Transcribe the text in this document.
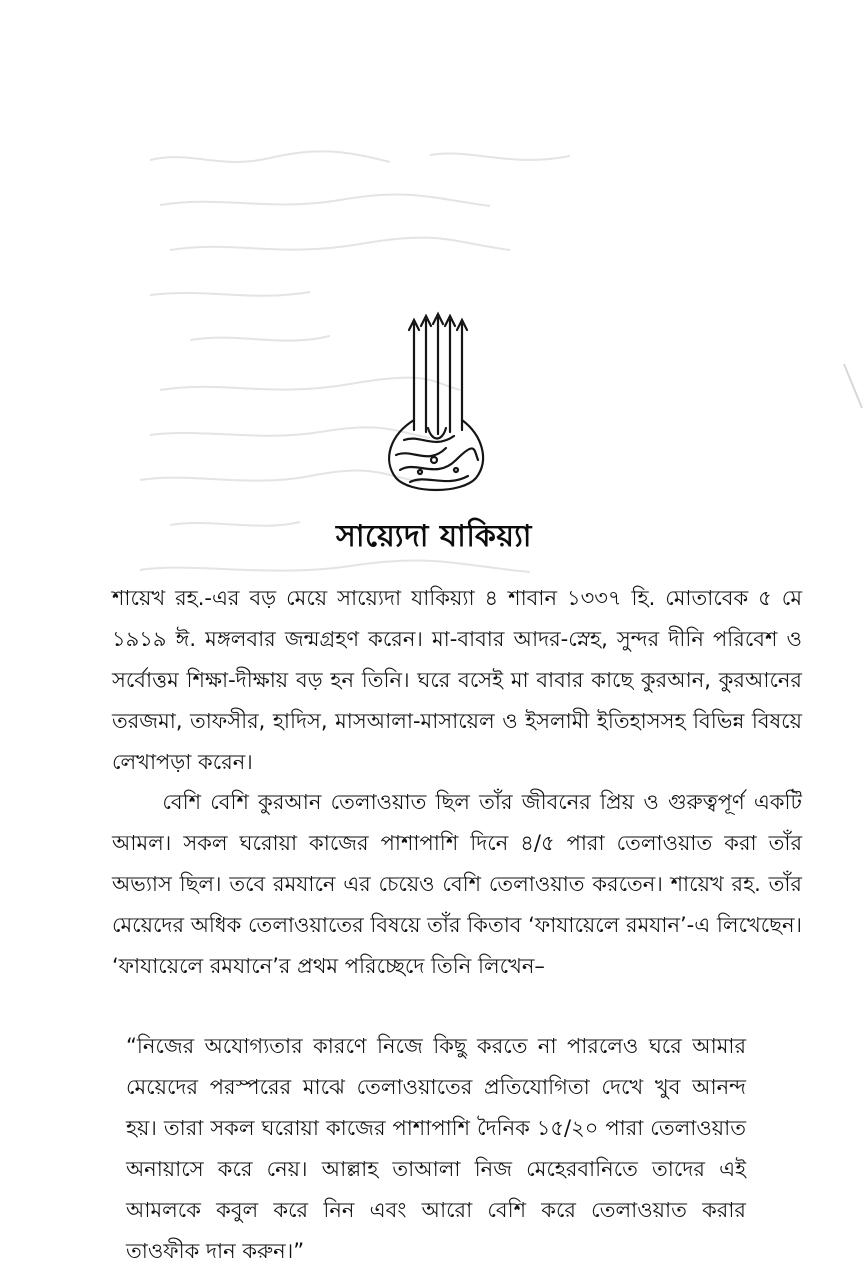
সায়্যেদা যাকিয়্যা
শায়েখ রহ.-এর বড় মেয়ে সায়্যেদা যাকিয়্যা ৪ শাবান ১৩৩৭ হি. মোতাবেক ৫ মে ১৯১৯ ঈ. মঙ্গলবার জন্মগ্রহণ করেন। মা-বাবার আদর-স্নেহ, সুন্দর দীনি পরিবেশ ও সর্বোত্তম শিক্ষা-দীক্ষায় বড় হন তিনি। ঘরে বসেই মা বাবার কাছে কুরআন, কুরআনের তরজমা, তাফসীর, হাদিস, মাসআলা-মাসায়েল ও ইসলামী ইতিহাসসহ বিভিন্ন বিষয়ে লেখাপড়া করেন।
বেশি বেশি কুরআন তেলাওয়াত ছিল তাঁর জীবনের প্রিয় ও গুরুত্বপূর্ণ একটি আমল। সকল ঘরোয়া কাজের পাশাপাশি দিনে ৪/৫ পারা তেলাওয়াত করা তাঁর অভ্যাস ছিল। তবে রমযানে এর চেয়েও বেশি তেলাওয়াত করতেন। শায়েখ রহ. তাঁর মেয়েদের অধিক তেলাওয়াতের বিষয়ে তাঁর কিতাব ‘ফাযায়েলে রমযান’-এ লিখেছেন। ‘ফাযায়েলে রমযানে’র প্রথম পরিচ্ছেদে তিনি লিখেন–
“নিজের অযোগ্যতার কারণে নিজে কিছু করতে না পারলেও ঘরে আমার মেয়েদের পরস্পরের মাঝে তেলাওয়াতের প্রতিযোগিতা দেখে খুব আনন্দ হয়। তারা সকল ঘরোয়া কাজের পাশাপাশি দৈনিক ১৫/২০ পারা তেলাওয়াত অনায়াসে করে নেয়। আল্লাহ তাআলা নিজ মেহেরবানিতে তাদের এই আমলকে কবুল করে নিন এবং আরো বেশি করে তেলাওয়াত করার তাওফীক দান করুন।”
